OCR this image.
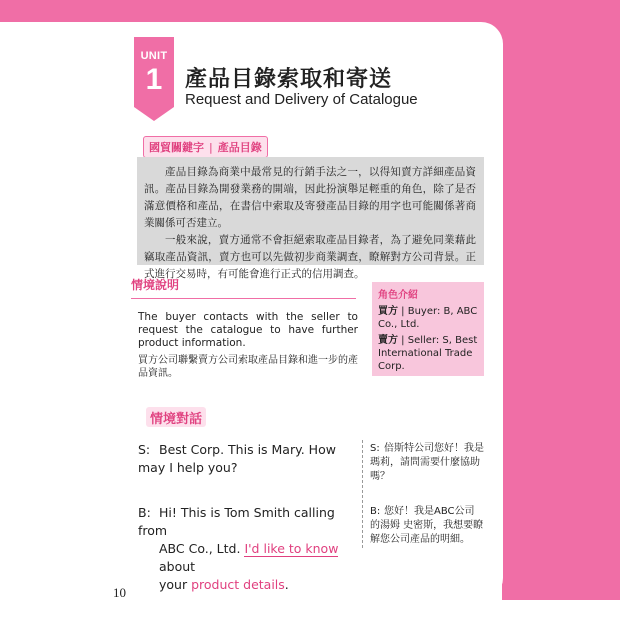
UNIT
1	產品目錄索取和寄送
Request and Delivery of Catalogue
國貿關鍵字 | 產品目錄

產品目錄為商業中最常見的行銷手法之一，以得知賣方詳細產品資訊。產品目錄為開發業務的開端，因此扮演舉足輕重的角色，除了是否滿意價格和產品，在書信中索取及寄發產品目錄的用字也可能關係著商業關係可否建立。

一般來說，賣方通常不會拒絕索取產品目錄者，為了避免同業藉此竊取產品資訊，賣方也可以先做初步商業調查，瞭解對方公司背景。正式進行交易時，有可能會進行正式的信用調查。

情境說明

The buyer contacts with the seller to request the catalogue to have further product information.
買方公司聯繫賣方公司索取產品目錄和進一步的產品資訊。

角色介紹

買方 | Buyer: B, ABC Co., Ltd.

賣方 | Seller: S, Best International Trade Corp.

情境對話
S: Best Corp. This is Mary. How may I help you?
B: Hi! This is Tom Smith calling from
ABC Co., Ltd. I'd like to know about
your product details.
S: 倍斯特公司您好！我是瑪莉，請問需要什麼協助嗎？
B: 您好！我是ABC公司的湯姆 史密斯，我想要瞭解您公司產品的明細。
10
